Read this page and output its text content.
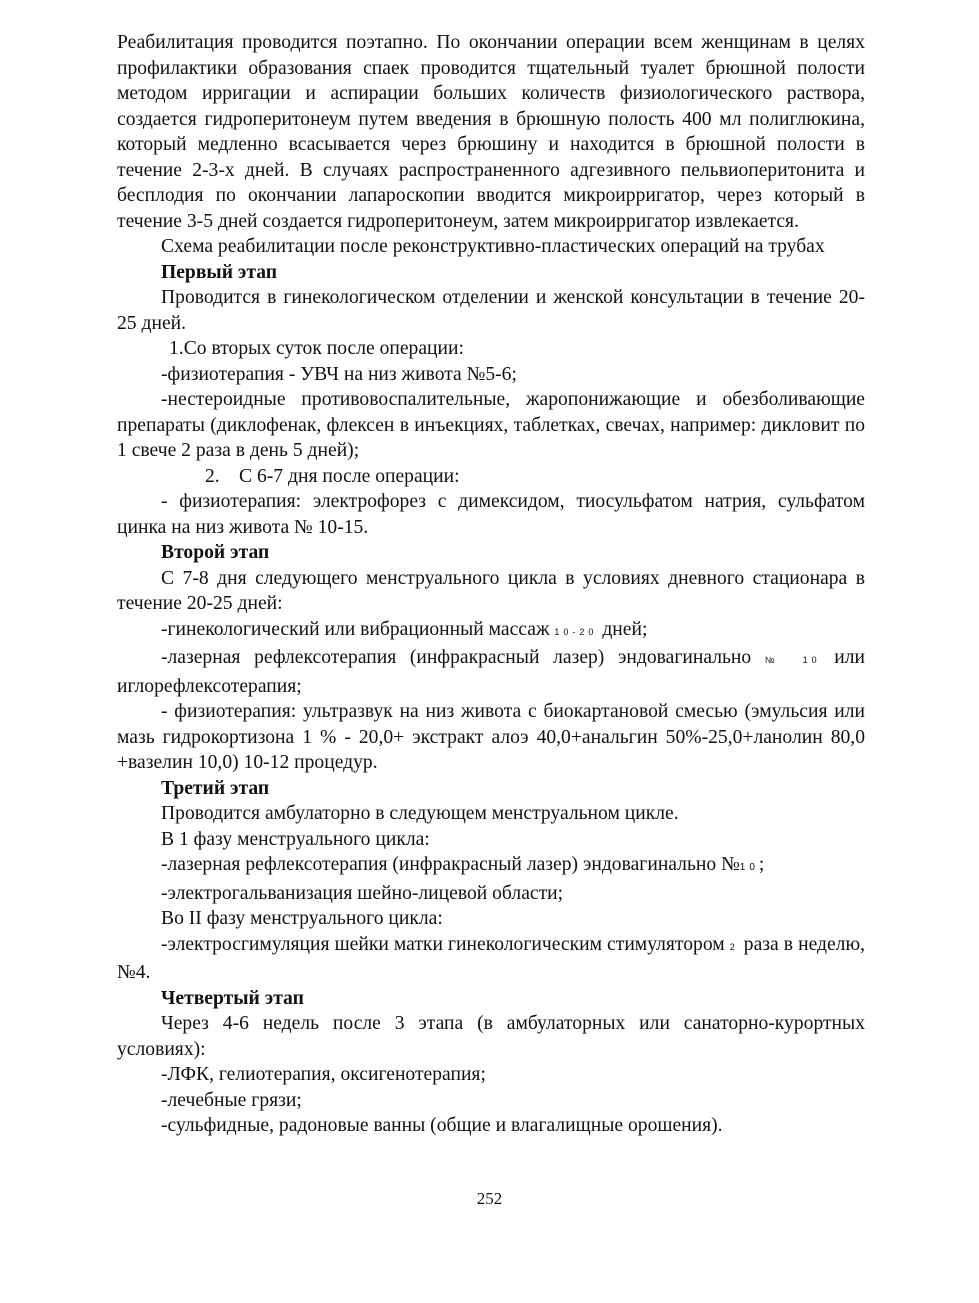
Реабилитация проводится поэтапно. По окончании операции всем женщинам в целях профилактики образования спаек проводится тщательный туалет брюшной полости методом ирригации и аспирации больших количеств физиологического раствора, создается гидроперитонеум путем введения в брюшную полость 400 мл полиглюкина, который медленно всасывается через брюшину и находится в брюшной полости в течение 2-3-х дней. В случаях распространенного адгезивного пельвиоперитонита и бесплодия по окончании лапароскопии вводится микроирригатор, через который в течение 3-5 дней создается гидроперитонеум, затем микроирригатор извлекается.

Схема реабилитации после реконструктивно-пластических операций на трубах

Первый этап

Проводится в гинекологическом отделении и женской консультации в течение 20-25 дней.

1.Со вторых суток после операции:

-физиотерапия - УВЧ на низ живота №5-6;

-нестероидные противовоспалительные, жаропонижающие и обезболивающие препараты (диклофенак, флексен в инъекциях, таблетках, свечах, например: дикловит по 1 свече 2 раза в день 5 дней);

2. С 6-7 дня после операции:

- физиотерапия: электрофорез с димексидом, тиосульфатом натрия, сульфатом цинка на низ живота № 10-15.

Второй этап

С 7-8 дня следующего менструального цикла в условиях дневного стационара в течение 20-25 дней:

-гинекологический или вибрационный массаж 10-20 дней;

-лазерная рефлексотерапия (инфракрасный лазер) эндовагинально № 10 или иглорефлексотерапия;

- физиотерапия: ультразвук на низ живота с биокартановой смесью (эмульсия или мазь гидрокортизона 1 % - 20,0+ экстракт алоэ 40,0+анальгин 50%-25,0+ланолин 80,0 +вазелин 10,0) 10-12 процедур.

Третий этап

Проводится амбулаторно в следующем менструальном цикле.

В 1 фазу менструального цикла:

-лазерная рефлексотерапия (инфракрасный лазер) эндовагинально №10;

-электрогальванизация шейно-лицевой области;

Во II фазу менструального цикла:

-электросгимуляция шейки матки гинекологическим стимулятором 2 раза в неделю, №4.

Четвертый этап

Через 4-6 недель после 3 этапа (в амбулаторных или санаторно-курортных условиях):

-ЛФК, гелиотерапия, оксигенотерапия;

-лечебные грязи;

-сульфидные, радоновые ванны (общие и влагалищные орошения).

252
